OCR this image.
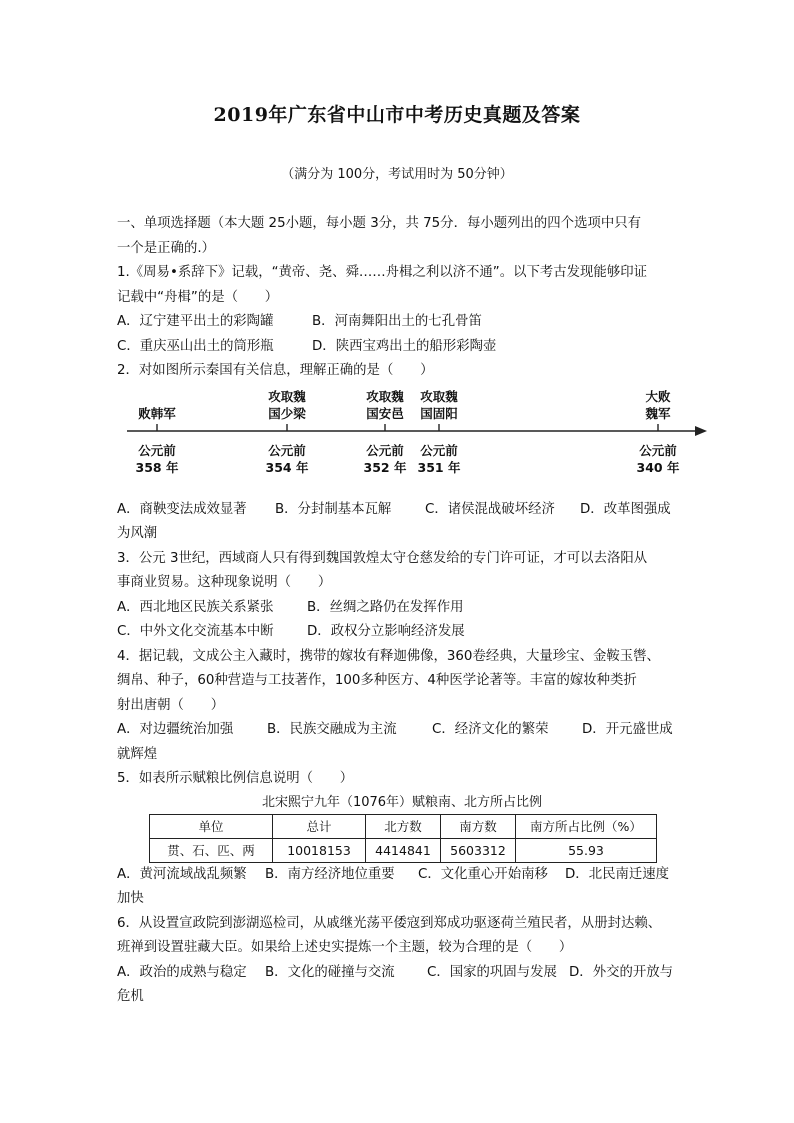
2019年广东省中山市中考历史真题及答案
（满分为 100分，考试用时为 50分钟）
一、单项选择题（本大题 25小题，每小题 3分，共 75分．每小题列出的四个选项中只有
一个是正确的.）
1.《周易•系辞下》记载，“黄帝、尧、舜……舟楫之利以济不通”。以下考古发现能够印证
记载中“舟楫”的是（　　）
A．辽宁建平出土的彩陶罐	B．河南舞阳出土的七孔骨笛
C．重庆巫山出土的筒形瓶	D．陕西宝鸡出土的船形彩陶壶
2．对如图所示秦国有关信息，理解正确的是（　　）

败韩军
攻取魏
国少梁
攻取魏
国安邑
攻取魏
国固阳
大败
魏军
公元前
358 年
公元前
354 年
公元前
352 年
公元前
351 年
公元前
340 年
A．商鞅变法成效显著	B．分封制基本瓦解	C．诸侯混战破坏经济	D．改革图强成
为风潮
3．公元 3世纪，西域商人只有得到魏国敦煌太守仓慈发给的专门许可证，才可以去洛阳从
事商业贸易。这种现象说明（　　）
A．西北地区民族关系紧张	B．丝绸之路仍在发挥作用
C．中外文化交流基本中断	D．政权分立影响经济发展
4．据记载，文成公主入藏时，携带的嫁妆有释迦佛像，360卷经典，大量珍宝、金鞍玉辔、
绸帛、种子，60种营造与工技著作，100多种医方、4种医学论著等。丰富的嫁妆种类折
射出唐朝（　　）
A．对边疆统治加强	B．民族交融成为主流	C．经济文化的繁荣	D．开元盛世成
就辉煌
5．如表所示赋粮比例信息说明（　　）
北宋熙宁九年（1076年）赋粮南、北方所占比例
单位	总计	北方数	南方数	南方所占比例（%）
贯、石、匹、两	10018153	4414841	5603312	55.93
A．黄河流域战乱频繁	B．南方经济地位重要	C．文化重心开始南移	D．北民南迁速度
加快
6．从设置宣政院到澎湖巡检司，从戚继光荡平倭寇到郑成功驱逐荷兰殖民者，从册封达赖、
班禅到设置驻藏大臣。如果给上述史实提炼一个主题，较为合理的是（　　）
A．政治的成熟与稳定	B．文化的碰撞与交流	C．国家的巩固与发展 D．外交的开放与
危机
